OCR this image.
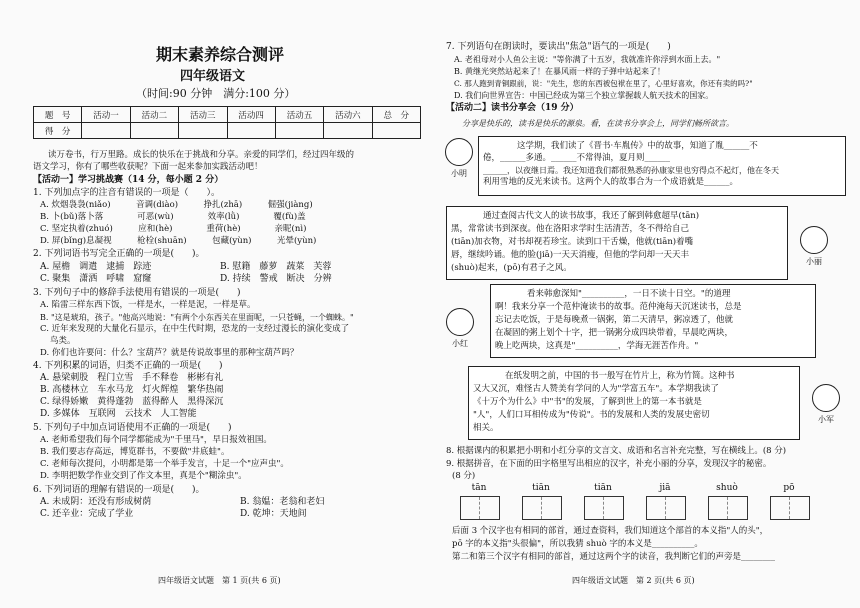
期末素养综合测评
四年级语文
（时间:90 分钟　满分:100 分）
题　号	活动一	活动二	活动三	活动四	活动五	活动六	总　分
得　分							
读万卷书，行万里路。成长的快乐在于挑战和分享。亲爱的同学们，经过四年级的
语文学习，你有了哪些收获呢？下面一起来参加实践活动吧！
【活动一】学习挑战赛（14 分，每小题 2 分）
1. 下列加点字的注音有错误的一项是（　　）。
A. 炊烟袅袅(niǎo)　　　音调(diào)　　　挣扎(zhā)　　　倔强(jiàng)
B. 卜(bǔ)落卜落　　　　可恶(wù)　　　　效率(lǜ)　　　　覆(fù)盖
C. 坚定执着(zhuó)　　　应和(hè)　　　　重荷(hè)　　　　亲昵(nì)
D. 屏(bǐng)息凝视　　　枪栓(shuān)　　　包藏(yùn)　　　光晕(yùn)
2. 下列词语书写完全正确的一项是(　　)。
A. 屋檐　调遣　逮捕　踪迹	B. 慰籍　藤萝　蔬菜　芙蓉
C. 聚集　潇洒　呼啸　窟窿	D. 持续　警戒　断决　分辨
3. 下列句子中的修辞手法使用有错误的一项是(　　)
A. 陷雷三样东西下饭，一样是水，一样是泥，一样是草。
B. "这是琥珀，孩子。"他高兴地说："有两个小东西关在里面呢，一只苍蝇，一个蜘蛛。"
C. 近年来发现的大量化石显示，在中生代时期，恐龙的一支经过漫长的演化变成了
鸟类。
D. 你们也许要问：什么？宝葫芦？就是传说故事里的那种宝葫芦吗？
4. 下列积累的词语，归类不正确的一项是(　　)
A. 悬梁刺股　程门立雪　手不释卷　彬彬有礼
B. 高楼林立　车水马龙　灯火辉煌　繁华热闹
C. 绿得娇嫩　黄得蓬勃　蓝得醉人　黑得深沉
D. 多媒体　互联网　云技术　人工智能
5. 下列句子中加点词语使用不正确的一项是(　　)
A. 老师希望我们每个同学都能成为"千里马"，早日报效祖国。
B. 我们要志存高远，博览群书，不要做"井底蛙"。
C. 老师每次提问，小明都是第一个举手发言，十足一个"应声虫"。
D. 李明把数学作业交到了作文本里，真是个"糊涂虫"。
6. 下列词语的理解有错误的一项是(　　)。
A. 未成阴：还没有形成树荫	B. 翁媪：老翁和老妇
C. 还辛业：完成了学业	D. 乾坤：天地间
四年级语文试题　第 1 页(共 6 页)
7. 下列语句在朗读时，要读出"焦急"语气的一项是(　　)
A. 老祖母对小人鱼公主说："等你满了十五岁，我就准许你浮到水面上去。"
B. 黄继光突然站起来了！在暴风雨一样的子弹中站起来了！
C. 那人跑到青铜跟前，说："先生，您的东西被包袱在里了，心里好喜欢，你还有卖的吗?"
D. 我们向世界宣告：中国已经成为第三个独立掌握载人航天技术的国家。
【活动二】读书分享会（19 分）
分享是快乐的，读书是快乐的源泉。看，在读书分享会上，同学们畅所欲言。
小明
这学期，我们读了《晋书·车胤传》中的故事，知道了胤______不
倦，______多通。______不常得油，夏月则______
______，以夜继日焉。我还知道我们都很熟悉的孙康家里也穷得点不起灯，他在冬天
利用雪地的反光来读书。这两个人的故事合为一个成语就是______。
通过查阅古代文人的读书故事，我还了解到韩愈超早(tān)
黑，常常读书到深夜。他在洛阳求学时生活清苦，冬不得给自己
(tiān)加衣物，对书却视若珍宝。读到口干舌燥，他就(tiān)着嘴
唇，继续吟诵。他的脸(jiā)一天天消瘦，但他的学问却一天天丰
(shuò)起来，(pō)有君子之风。
小丽
小红
看来韩愈深知"__________，一日不读十日空。"的道理
啊！我来分享一个范仲淹读书的故事。范仲淹每天沉迷读书，总是
忘记去吃饭，于是每晚煮一锅粥，第二天清早，粥凉透了，他就
在凝固的粥上划个十字，把一锅粥分成四块带着，早晨吃两块，
晚上吃两块，这真是"__________，学海无涯苦作舟。"
在纸发明之前，中国的书一般写在竹片上，称为竹简。这种书
又大又沉，难怪古人赞美有学问的人为"学富五车"。本学期我读了
《十万个为什么》中"书"的发展，了解到世上的第一本书就是
"人"，人们口耳相传成为"传说"。书的发展和人类的发展史密切
相关。
小军
8. 根据课内的积累把小明和小红分享的文言文、成语和名言补充完整，写在横线上。(8 分)
9. 根据拼音，在下面的田字格里写出相应的汉字，补充小丽的分享，发现汉字的秘密。
(8 分)
tān	tiān	tiān	jiā	shuò	pō
后面 3 个汉字也有相同的部首，通过查资料，我们知道这个部首的本义指"人的头"，
pō 字的本义指"头很偏"，所以我猜 shuò 字的本义是__________。
第二和第三个汉字有相同的部首，通过这两个字的读音，我判断它们的声旁是________
四年级语文试题　第 2 页(共 6 页)
